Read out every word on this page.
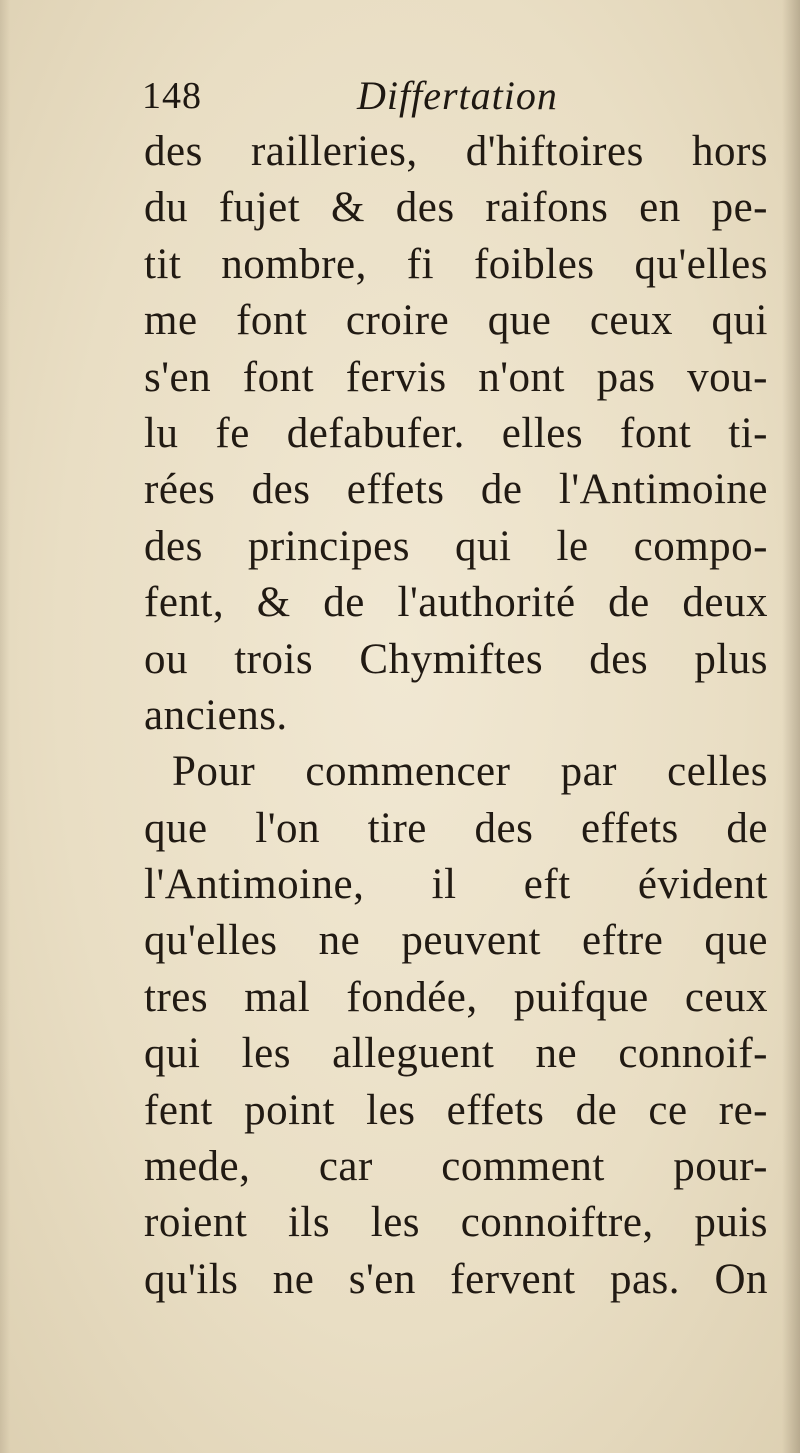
148	Differtation
des railleries, d'hiftoires hors
du fujet & des raifons en pe-
tit nombre, fi foibles qu'elles
me font croire que ceux qui
s'en font fervis n'ont pas vou-
lu fe defabufer. elles font ti-
rées des effets de l'Antimoine
des principes qui le compo-
fent, & de l'authorité de deux
ou trois Chymiftes des plus
anciens.
Pour commencer par celles
que l'on tire des effets de
l'Antimoine, il eft évident
qu'elles ne peuvent eftre que
tres mal fondée, puifque ceux
qui les alleguent ne connoif-
fent point les effets de ce re-
mede, car comment pour-
roient ils les connoiftre, puis
qu'ils ne s'en fervent pas. On
